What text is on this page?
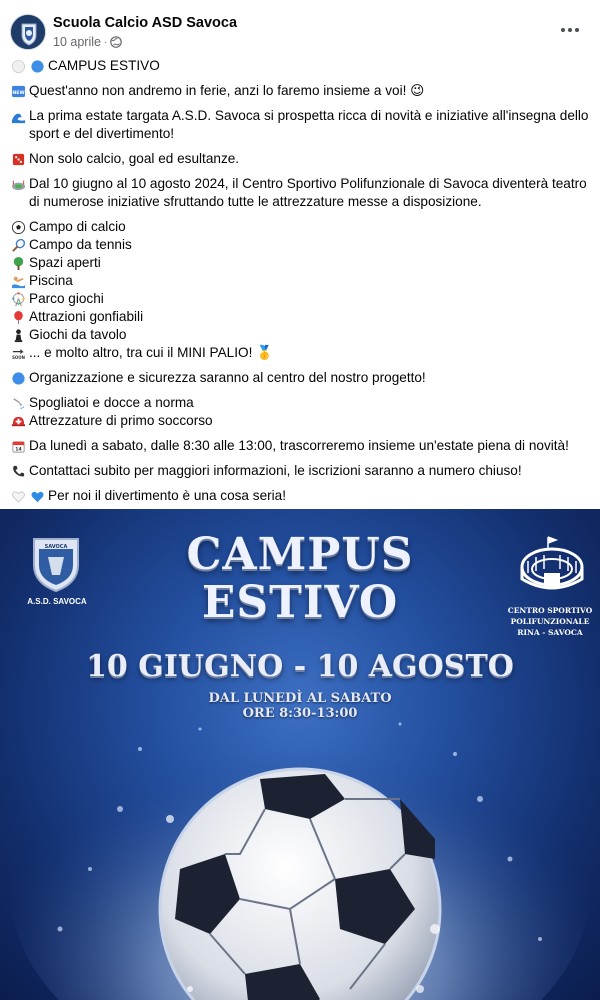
Scuola Calcio ASD Savoca
10 aprile ·
CAMPUS ESTIVO
NEW Quest'anno non andremo in ferie, anzi lo faremo insieme a voi! 😉
La prima estate targata A.S.D. Savoca si prospetta ricca di novità e iniziative all'insegna dello sport e del divertimento!
Non solo calcio, goal ed esultanze.
Dal 10 giugno al 10 agosto 2024, il Centro Sportivo Polifunzionale di Savoca diventerà teatro di numerose iniziative sfruttando tutte le attrezzature messe a disposizione.
Campo di calcio
Campo da tennis
Spazi aperti
Piscina
Parco giochi
Attrazioni gonfiabili
Giochi da tavolo
SOON ... e molto altro, tra cui il MINI PALIO! 🥇
Organizzazione e sicurezza saranno al centro del nostro progetto!
Spogliatoi e docce a norma
Attrezzature di primo soccorso
14 Da lunedì a sabato, dalle 8:30 alle 13:00, trascorreremo insieme un'estate piena di novità!
Contattaci subito per maggiori informazioni, le iscrizioni saranno a numero chiuso!
Per noi il divertimento è una cosa seria!
SAVOCA
A.S.D. SAVOCA
CENTRO SPORTIVO POLIFUNZIONALE RINA - SAVOCA
CAMPUS
ESTIVO
10 GIUGNO - 10 AGOSTO
DAL LUNEDÌ AL SABATO
ORE 8:30-13:00
